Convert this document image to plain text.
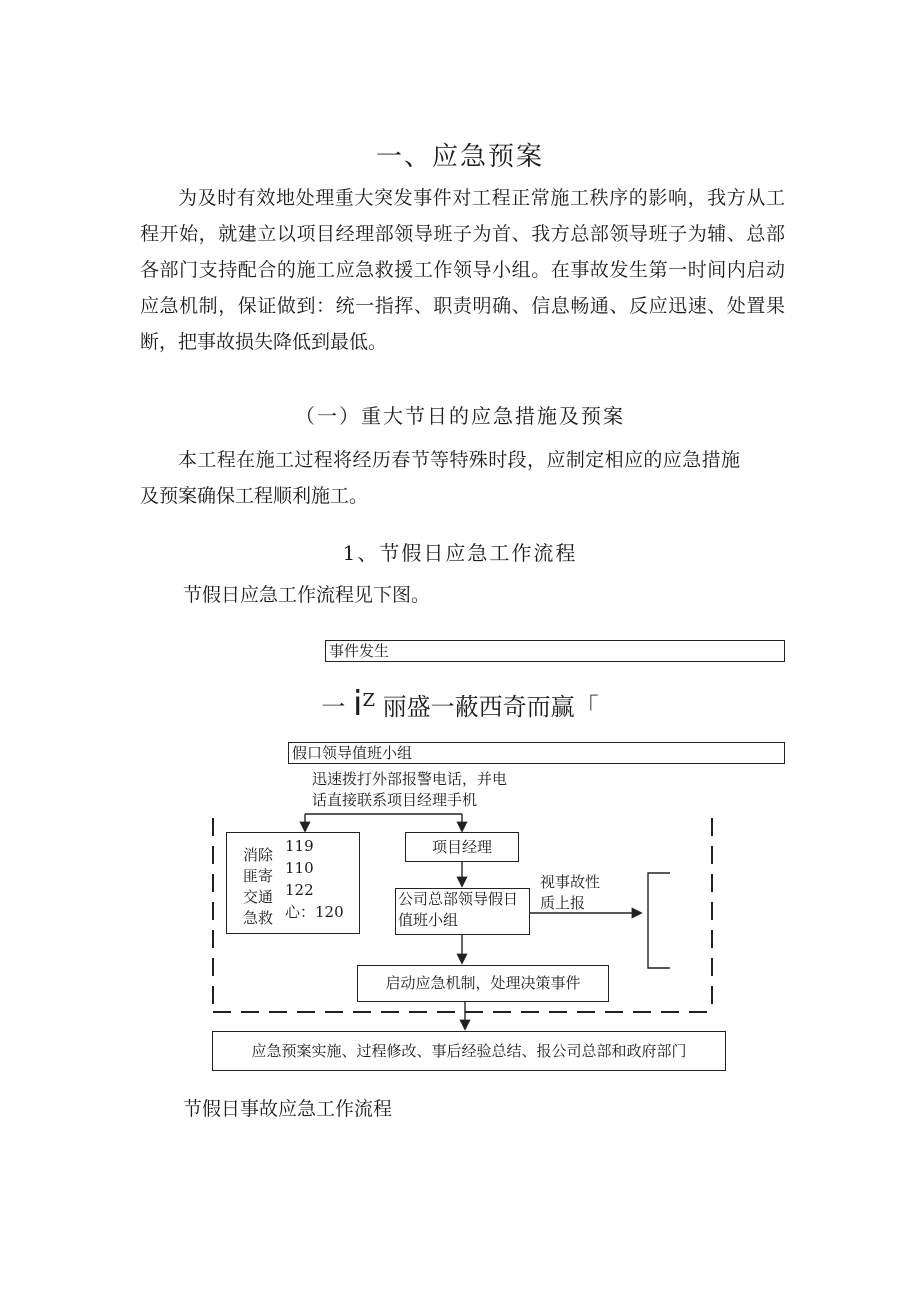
一、应急预案

为及时有效地处理重大突发事件对工程正常施工秩序的影响，我方从工程开始，就建立以项目经理部领导班子为首、我方总部领导班子为辅、总部各部门支持配合的施工应急救援工作领导小组。在事故发生第一时间内启动应急机制，保证做到：统一指挥、职责明确、信息畅通、反应迅速、处置果断，把事故损失降低到最低。

（一）重大节日的应急措施及预案

本工程在施工过程将经历春节等特殊时段，应制定相应的应急措施及预案确保工程顺利施工。

1、节假日应急工作流程
节假日应急工作流程见下图。
事件发生
一 $i^Z$ 丽盛一蔽西奇而赢「
假口领导值班小组
迅速拨打外部报警电话，并电
话直接联系项目经理手机
消除
匪寄
交通
急救
119
110
122
心：120
项目经理
公司总部领导假日
值班小组
视事故性
质上报
启动应急机制，处理决策事件
应急预案实施、过程修改、事后经验总结、报公司总部和政府部门
节假日事故应急工作流程
